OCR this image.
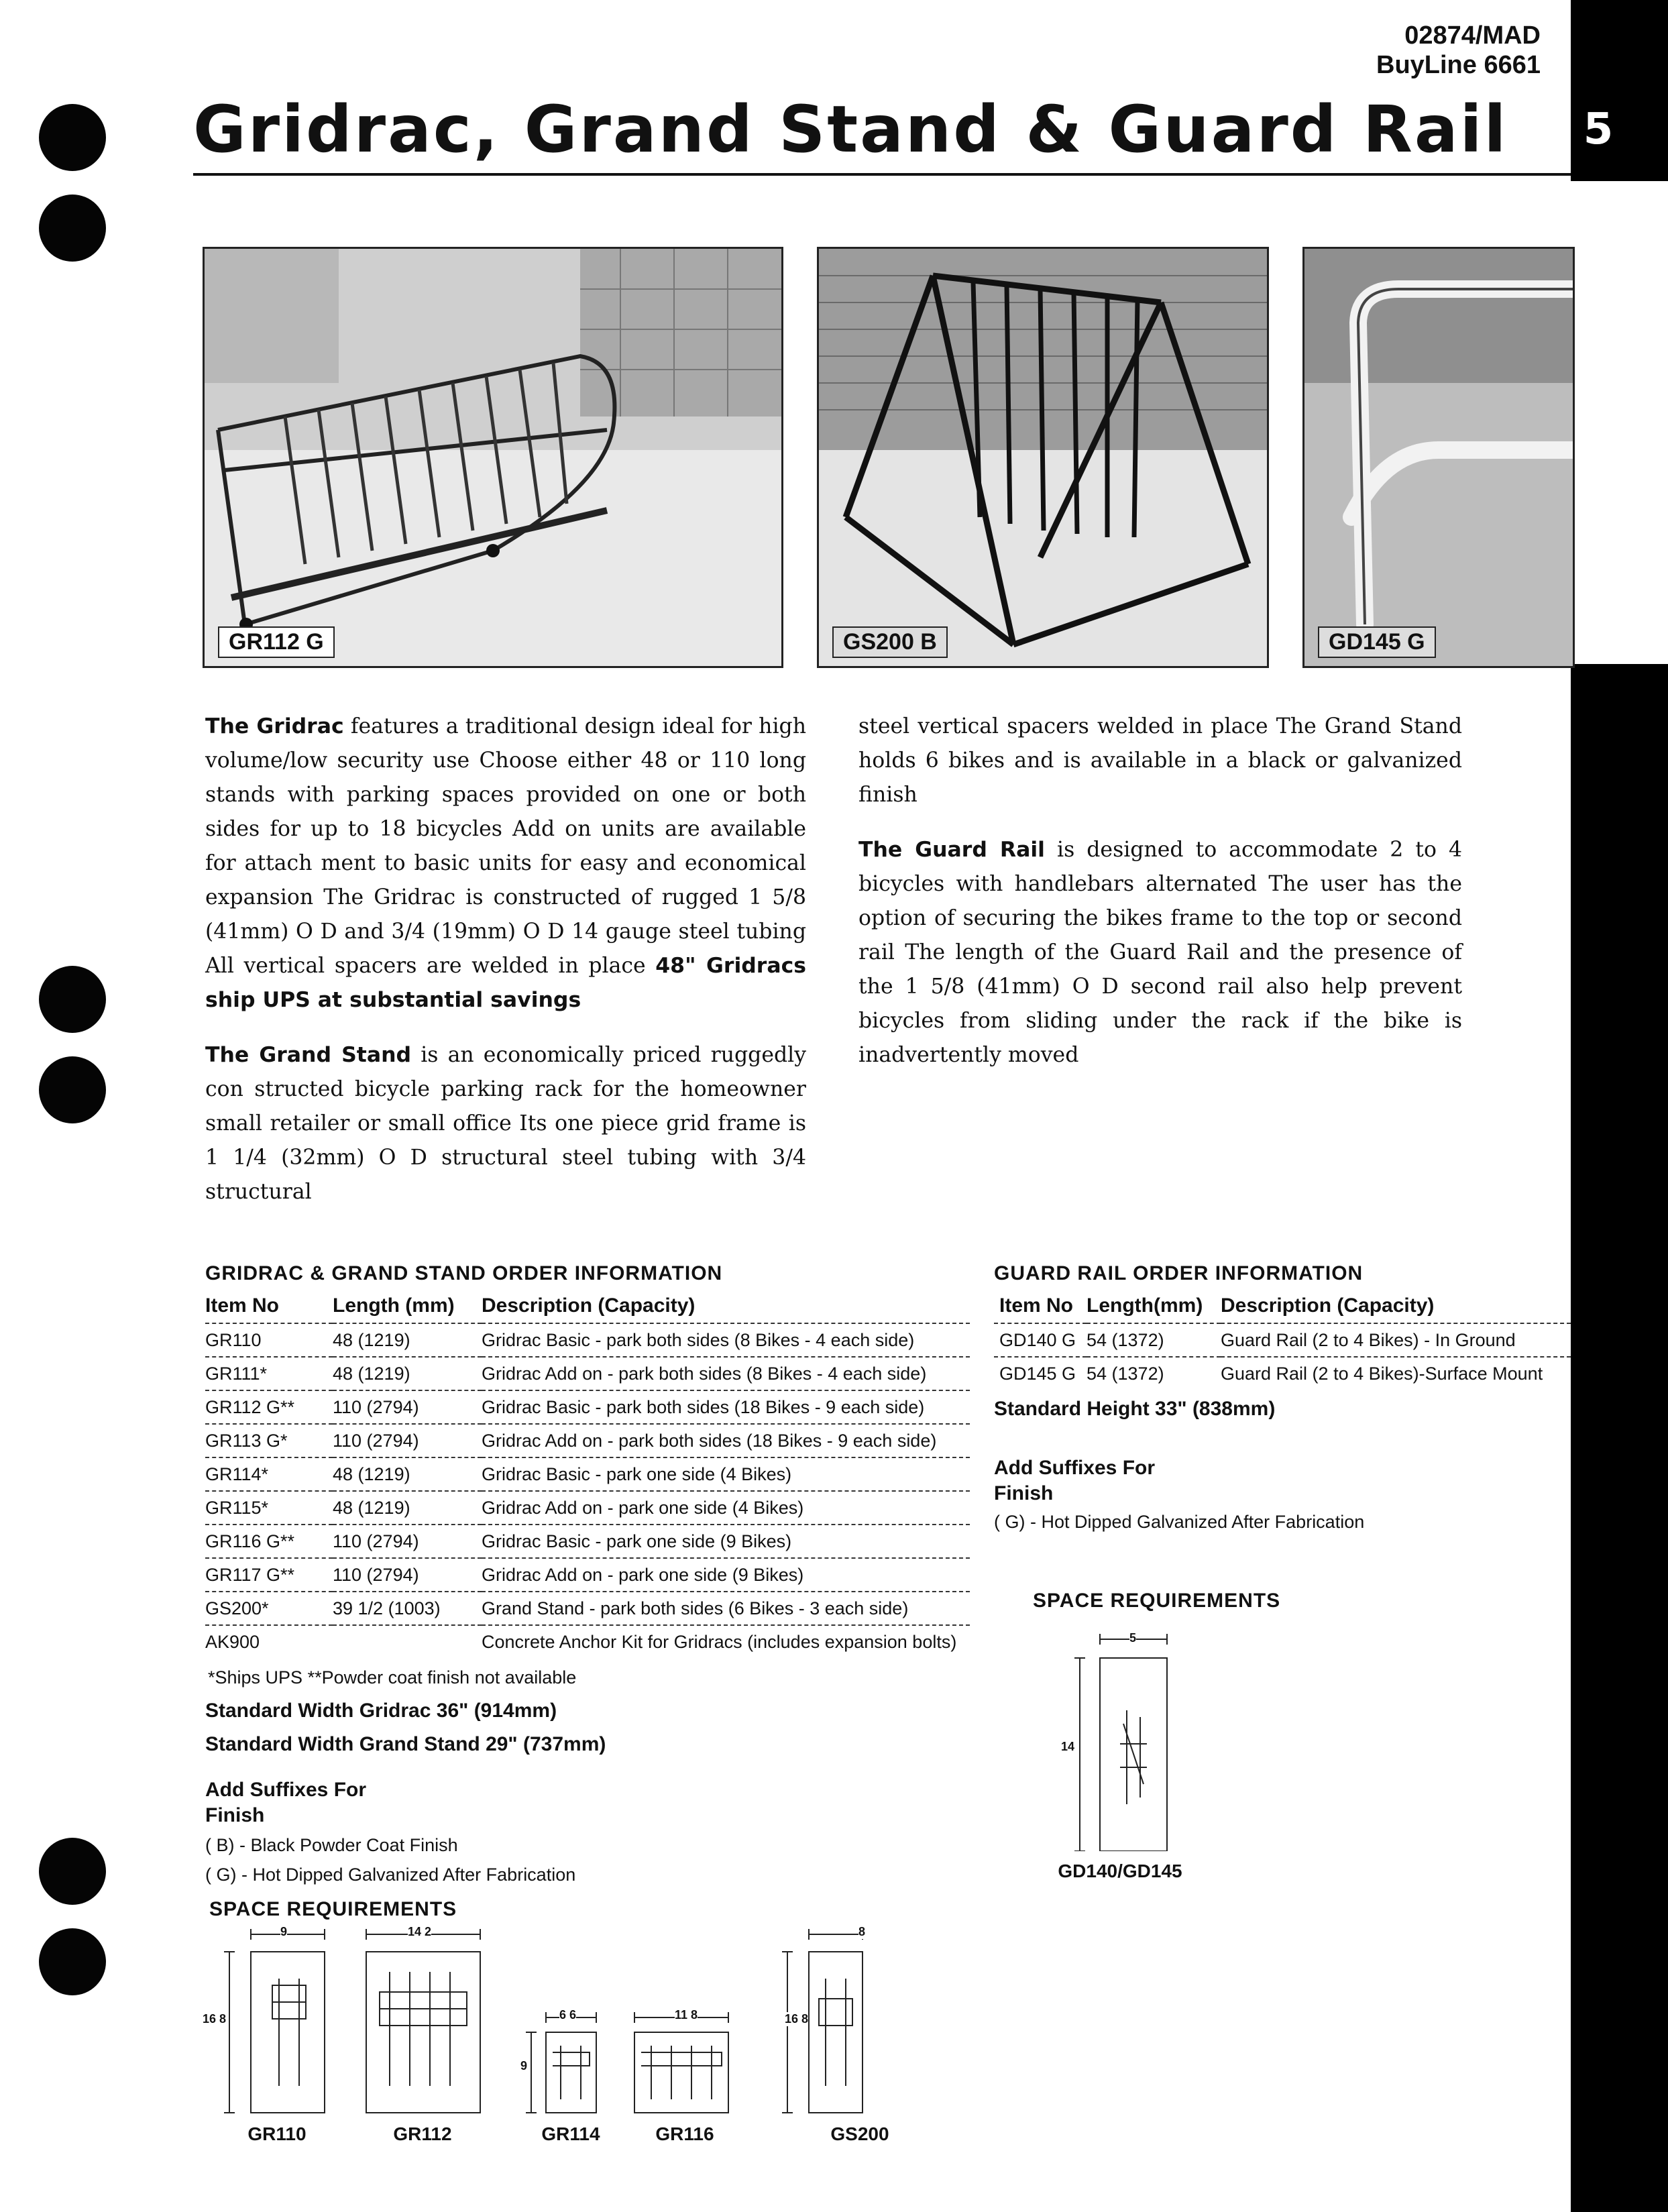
5
02874/MAD
BuyLine 6661
Gridrac, Grand Stand & Guard Rail
GR112 G	GS200 B	GD145 G
The Gridrac features a traditional design ideal for high volume/low security use Choose either 48 or 110 long stands with parking spaces provided on one or both sides for up to 18 bicycles Add on units are available for attach ment to basic units for easy and economical expansion The Gridrac is constructed of rugged 1 5/8 (41mm) O D and 3/4 (19mm) O D 14 gauge steel tubing All vertical spacers are welded in place 48" Gridracs ship UPS at substantial savings
The Grand Stand is an economically priced ruggedly con structed bicycle parking rack for the homeowner small retailer or small office Its one piece grid frame is 1 1/4 (32mm) O D structural steel tubing with 3/4 structural
steel vertical spacers welded in place The Grand Stand holds 6 bikes and is available in a black or galvanized finish
The Guard Rail is designed to accommodate 2 to 4 bicycles with handlebars alternated The user has the option of securing the bikes frame to the top or second rail The length of the Guard Rail and the presence of the 1 5/8 (41mm) O D second rail also help prevent bicycles from sliding under the rack if the bike is inadvertently moved
GRIDRAC & GRAND STAND ORDER INFORMATION
Item No	Length (mm)	Description (Capacity)
GR110	48 (1219)	Gridrac Basic - park both sides (8 Bikes - 4 each side)
GR111*	48 (1219)	Gridrac Add on - park both sides (8 Bikes - 4 each side)
GR112 G**	110 (2794)	Gridrac Basic - park both sides (18 Bikes - 9 each side)
GR113 G*	110 (2794)	Gridrac Add on - park both sides (18 Bikes - 9 each side)
GR114*	48 (1219)	Gridrac Basic - park one side (4 Bikes)
GR115*	48 (1219)	Gridrac Add on - park one side (4 Bikes)
GR116 G**	110 (2794)	Gridrac Basic - park one side (9 Bikes)
GR117 G**	110 (2794)	Gridrac Add on - park one side (9 Bikes)
GS200*	39 1/2 (1003)	Grand Stand - park both sides (6 Bikes - 3 each side)
AK900		Concrete Anchor Kit for Gridracs (includes expansion bolts)
*Ships UPS **Powder coat finish not available
Standard Width Gridrac 36" (914mm)
Standard Width Grand Stand 29" (737mm)
Add Suffixes For
Finish
( B) - Black Powder Coat Finish
( G) - Hot Dipped Galvanized After Fabrication
SPACE REQUIREMENTS
9
16 8
14 2
6 6
9
11 8
8
16 8
GR110	GR112	GR114	GR116	GS200
GUARD RAIL ORDER INFORMATION
Item No	Length(mm)	Description (Capacity)
GD140 G	54 (1372)	Guard Rail (2 to 4 Bikes) - In Ground
GD145 G	54 (1372)	Guard Rail (2 to 4 Bikes)-Surface Mount
Standard Height 33" (838mm)
Add Suffixes For
Finish
( G) - Hot Dipped Galvanized After Fabrication
SPACE REQUIREMENTS
5
14
GD140/GD145
